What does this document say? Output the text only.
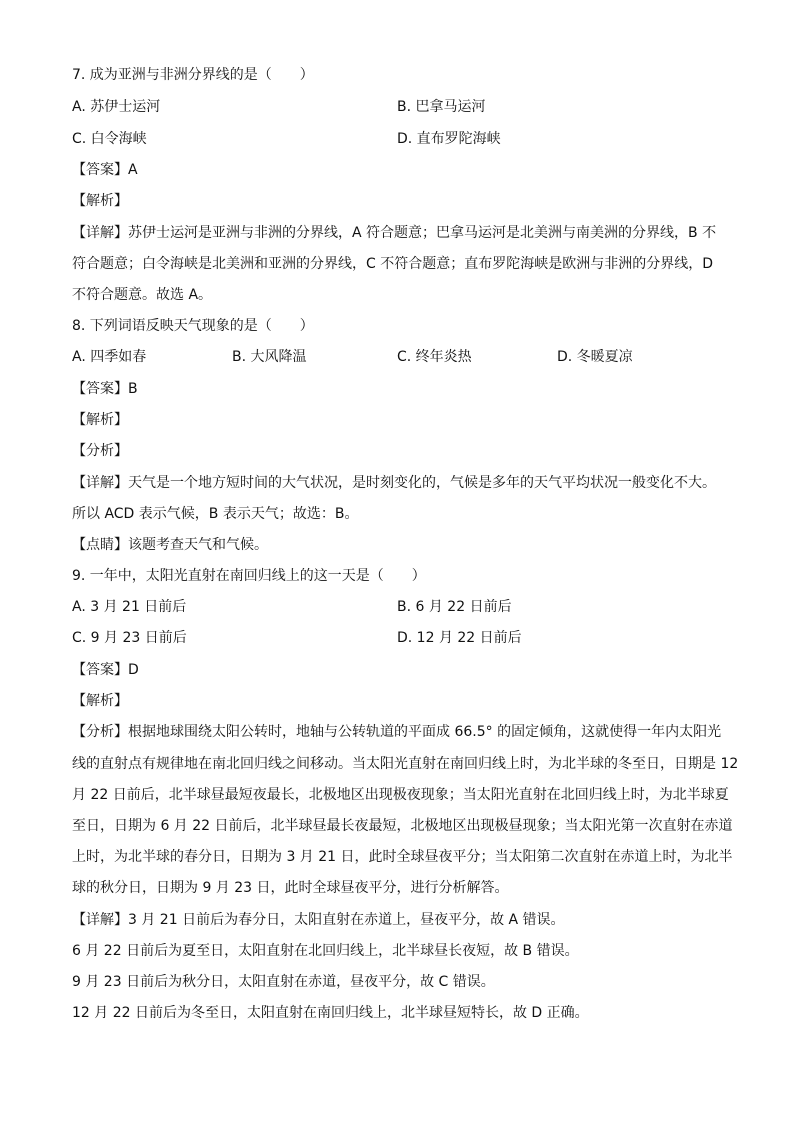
7. 成为亚洲与非洲分界线的是（　　）
A. 苏伊士运河	B. 巴拿马运河
C. 白令海峡	D. 直布罗陀海峡
【答案】A
【解析】
【详解】苏伊士运河是亚洲与非洲的分界线，A 符合题意；巴拿马运河是北美洲与南美洲的分界线，B 不
符合题意；白令海峡是北美洲和亚洲的分界线，C 不符合题意；直布罗陀海峡是欧洲与非洲的分界线，D
不符合题意。故选 A。
8. 下列词语反映天气现象的是（　　）
A. 四季如春	B. 大风降温	C. 终年炎热	D. 冬暖夏凉
【答案】B
【解析】
【分析】
【详解】天气是一个地方短时间的大气状况，是时刻变化的，气候是多年的天气平均状况一般变化不大。
所以 ACD 表示气候，B 表示天气；故选：B。
【点睛】该题考查天气和气候。
9. 一年中，太阳光直射在南回归线上的这一天是（　　）
A. 3 月 21 日前后	B. 6 月 22 日前后
C. 9 月 23 日前后	D. 12 月 22 日前后
【答案】D
【解析】
【分析】根据地球围绕太阳公转时，地轴与公转轨道的平面成 66.5° 的固定倾角，这就使得一年内太阳光
线的直射点有规律地在南北回归线之间移动。当太阳光直射在南回归线上时，为北半球的冬至日，日期是 12
月 22 日前后，北半球昼最短夜最长，北极地区出现极夜现象；当太阳光直射在北回归线上时，为北半球夏
至日，日期为 6 月 22 日前后，北半球昼最长夜最短，北极地区出现极昼现象；当太阳光第一次直射在赤道
上时，为北半球的春分日，日期为 3 月 21 日，此时全球昼夜平分；当太阳第二次直射在赤道上时，为北半
球的秋分日，日期为 9 月 23 日，此时全球昼夜平分，进行分析解答。
【详解】3 月 21 日前后为春分日，太阳直射在赤道上，昼夜平分，故 A 错误。
6 月 22 日前后为夏至日，太阳直射在北回归线上，北半球昼长夜短，故 B 错误。
9 月 23 日前后为秋分日，太阳直射在赤道，昼夜平分，故 C 错误。
12 月 22 日前后为冬至日，太阳直射在南回归线上，北半球昼短特长，故 D 正确。
